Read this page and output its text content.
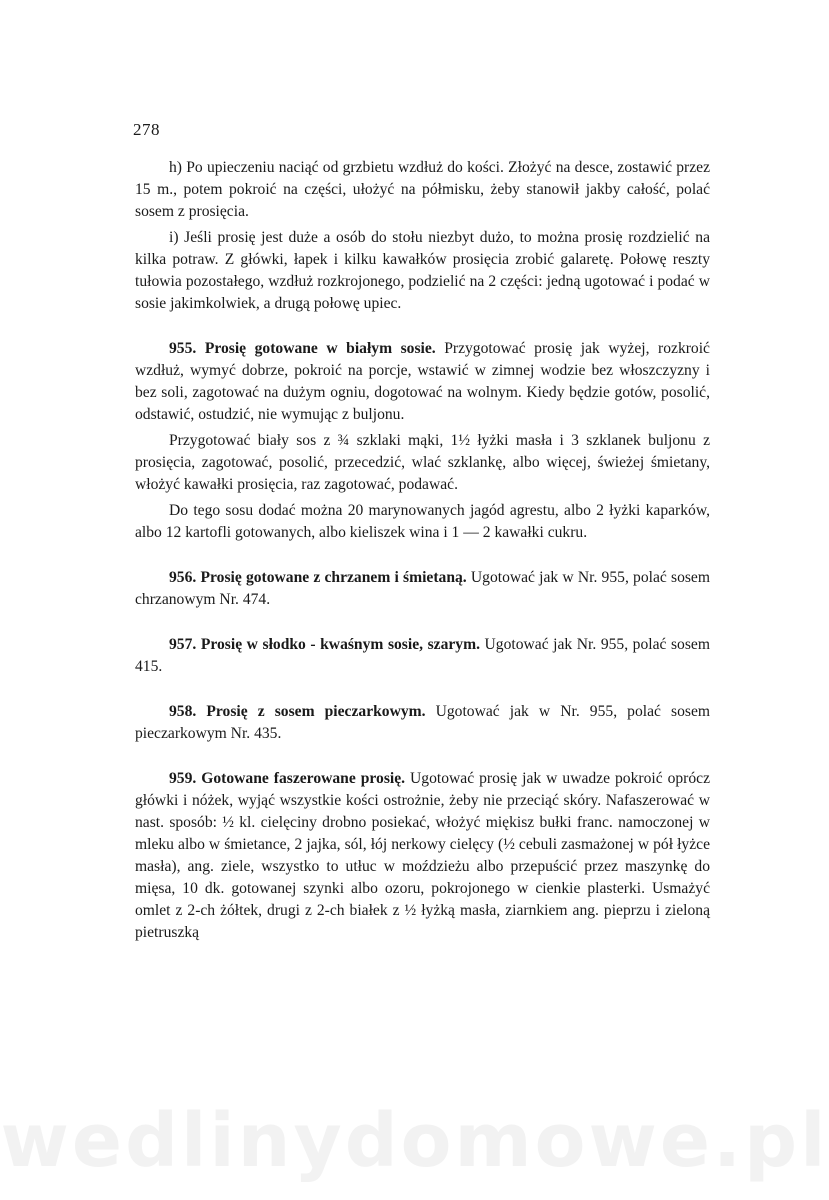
278

h) Po upieczeniu naciąć od grzbietu wzdłuż do kości. Złożyć na desce, zostawić przez 15 m., potem pokroić na części, ułożyć na półmisku, żeby stanowił jakby całość, polać sosem z prosięcia.

i) Jeśli prosię jest duże a osób do stołu niezbyt dużo, to można prosię rozdzielić na kilka potraw. Z główki, łapek i kilku kawałków prosięcia zrobić galaretę. Połowę reszty tułowia pozostałego, wzdłuż rozkrojonego, podzielić na 2 części: jedną ugotować i podać w sosie jakimkolwiek, a drugą połowę upiec.

955. Prosię gotowane w białym sosie. Przygotować prosię jak wyżej, rozkroić wzdłuż, wymyć dobrze, pokroić na porcje, wstawić w zimnej wodzie bez włoszczyzny i bez soli, zagotować na dużym ogniu, dogotować na wolnym. Kiedy będzie gotów, posolić, odstawić, ostudzić, nie wymując z buljonu.

Przygotować biały sos z ¾ szklaki mąki, 1½ łyżki masła i 3 szklanek buljonu z prosięcia, zagotować, posolić, przecedzić, wlać szklankę, albo więcej, świeżej śmietany, włożyć kawałki prosięcia, raz zagotować, podawać.

Do tego sosu dodać można 20 marynowanych jagód agrestu, albo 2 łyżki kaparków, albo 12 kartofli gotowanych, albo kieliszek wina i 1 — 2 kawałki cukru.

956. Prosię gotowane z chrzanem i śmietaną. Ugotować jak w Nr. 955, polać sosem chrzanowym Nr. 474.

957. Prosię w słodko - kwaśnym sosie, szarym. Ugotować jak Nr. 955, polać sosem 415.

958. Prosię z sosem pieczarkowym. Ugotować jak w Nr. 955, polać sosem pieczarkowym Nr. 435.

959. Gotowane faszerowane prosię. Ugotować prosię jak w uwadze pokroić oprócz główki i nóżek, wyjąć wszystkie kości ostrożnie, żeby nie przeciąć skóry. Nafaszerować w nast. sposób: ½ kl. cielęciny drobno posiekać, włożyć miękisz bułki franc. namoczonej w mleku albo w śmietance, 2 jajka, sól, łój nerkowy cielęcy (½ cebuli zasmażonej w pół łyżce masła), ang. ziele, wszystko to utłuc w moździeżu albo przepuścić przez maszynkę do mięsa, 10 dk. gotowanej szynki albo ozoru, pokrojonego w cienkie plasterki. Usmażyć omlet z 2-ch żółtek, drugi z 2-ch białek z ½ łyżką masła, ziarnkiem ang. pieprzu i zieloną pietruszką

wedlinydomowe.pl
